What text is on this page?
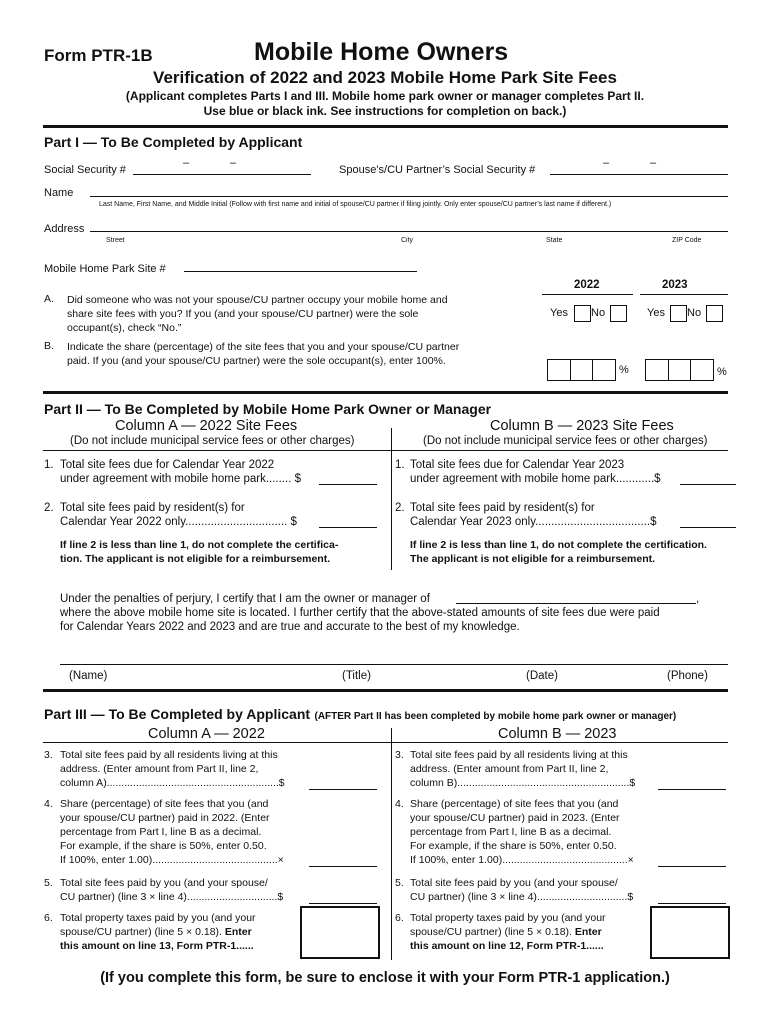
Form PTR-1B	Mobile Home Owners
Verification of 2022 and 2023 Mobile Home Park Site Fees
(Applicant completes Parts I and III. Mobile home park owner or manager completes Part II.
Use blue or black ink. See instructions for completion on back.)
Part I — To Be Completed by Applicant
Social Security #
–	–
Spouse’s/CU Partner’s Social Security #
–	–
Name
Last Name, First Name, and Middle Initial (Follow with first name and initial of spouse/CU partner if filing jointly. Only enter spouse/CU partner’s last name if different.)
Address
Street	City	State	ZIP Code
Mobile Home Park Site #
2022	2023
A. Did someone who was not your spouse/CU partner occupy your mobile home and share site fees with you? If you (and your spouse/CU partner) were the sole occupant(s), check “No.”
Yes No	Yes No
B. Indicate the share (percentage) of the site fees that you and your spouse/CU partner paid. If you (and your spouse/CU partner) were the sole occupant(s), enter 100%.
%	%
Part II — To Be Completed by Mobile Home Park Owner or Manager
Column A — 2022 Site Fees
(Do not include municipal service fees or other charges)
Column B — 2023 Site Fees
(Do not include municipal service fees or other charges)
1. Total site fees due for Calendar Year 2022
under agreement with mobile home park........ $
2. Total site fees paid by resident(s) for
Calendar Year 2022 only................................ $
If line 2 is less than line 1, do not complete the certifica-
tion. The applicant is not eligible for a reimbursement.
1. Total site fees due for Calendar Year 2023
under agreement with mobile home park............$
2. Total site fees paid by resident(s) for
Calendar Year 2023 only....................................$
If line 2 is less than line 1, do not complete the certification.
The applicant is not eligible for a reimbursement.
Under the penalties of perjury, I certify that I am the owner or manager of	,
where the above mobile home site is located. I further certify that the above-stated amounts of site fees due were paid
for Calendar Years 2022 and 2023 and are true and accurate to the best of my knowledge.
(Name)	(Title)	(Date)	(Phone)
Part III — To Be Completed by Applicant (AFTER Part II has been completed by mobile home park owner or manager)
Column A — 2022	Column B — 2023
3. Total site fees paid by all residents living at this
address. (Enter amount from Part II, line 2,
column A)...........................................................$
4. Share (percentage) of site fees that you (and
your spouse/CU partner) paid in 2022. (Enter
percentage from Part I, line B as a decimal.
For example, if the share is 50%, enter 0.50.
If 100%, enter 1.00)...........................................×
5. Total site fees paid by you (and your spouse/
CU partner) (line 3 × line 4)...............................$
6. Total property taxes paid by you (and your
spouse/CU partner) (line 5 × 0.18). Enter
this amount on line 13, Form PTR-1......
3. Total site fees paid by all residents living at this
address. (Enter amount from Part II, line 2,
column B)...........................................................$
4. Share (percentage) of site fees that you (and
your spouse/CU partner) paid in 2023. (Enter
percentage from Part I, line B as a decimal.
For example, if the share is 50%, enter 0.50.
If 100%, enter 1.00)...........................................×
5. Total site fees paid by you (and your spouse/
CU partner) (line 3 × line 4)...............................$
6. Total property taxes paid by you (and your
spouse/CU partner) (line 5 × 0.18). Enter
this amount on line 12, Form PTR-1......
(If you complete this form, be sure to enclose it with your Form PTR-1 application.)
